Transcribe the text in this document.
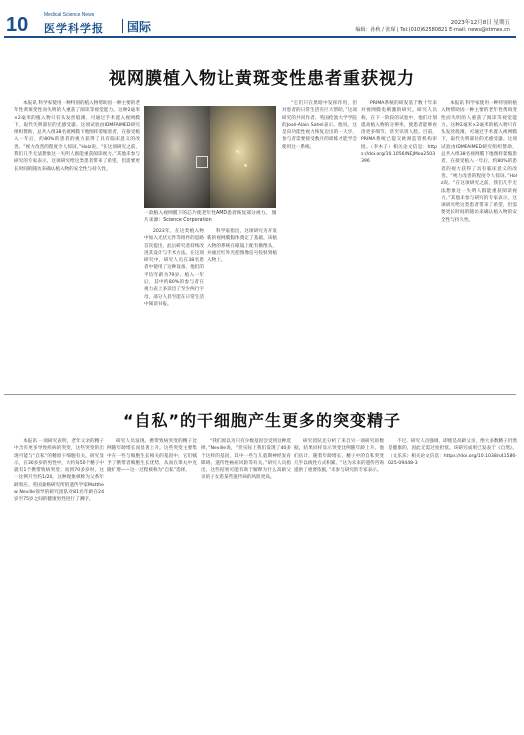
10	Medical Science News
医学科学报 国际	2023年12月8日 星期五
编辑：孙秋 / 张琛 | Tel:(010)62580821 E-mail: news@stimes.cn
视网膜植入物让黄斑变性患者重获视力

本报讯 科学家使用一种特别的植入物帮助因一种主要的老年性黄斑变性而失明的人重获了阅读等视觉能力。这种2毫米×2毫米的植入物只有头发丝般薄，可通过手术置入视网膜下，取代失明部位的光感受器。这项试验由IDMFAIMED研究组织赞助，总共入组38名视网膜下地图样萎缩患者，在接受植入一年后，约80%的患者的视力获得了具有临床意义的改善。“视力改善的程度令人惊讶。”Holz说。“在这项研究之前，我们几乎无法想象这一失明人群能重获阅读视力。”其他未参与研究的专家表示，这项研究给这类患者带来了希望，但需要更长时间的随访来确认植入物的安全性与持久性。

一款植入视网膜下的芯片使老年性AMD患者恢复部分视力。 图片来源：Science Corporation

2023年，在这类植入物中加入光伏元件等组件的思路首次提出，此后研究者持续改进其设计与手术方法。在这项研究中，研究人员在38名患者中使用了这种设备，他们的平均年龄为79岁。植入一年后，其中约80%的参与者在视力表上多读出了至少两行字母，部分人甚至能在日常生活中阅读书报。

科学家指出，这项研究为开发新的视网膜假体奠定了基础。该植入物的系统在眼镜上配有摄像头，并通过红外光把图像信号投射到植入物上。

“它们只在黑暗中发挥作用，但对患者的日常生活有巨大帮助，”这项研究的共同作者、英国伦敦大学学院的José-Alain Sahel表示。他说，这是向功能性视力恢复迈出的一大步，参与者需要接受数月的训练才能学会使用这一系统。

PRIMA系统的研发基于数十年来对视网膜电刺激的研究。研究人员称，在下一阶段的试验中，他们计划提高植入物的分辨率，使患者能够看清更多细节，甚至识别人脸。目前，PRIMA系统已提交欧洲监管机构审批。（李木子）相关论文信息：https://doi.org/10.1056/NEJMoa2503396

本报讯 科学家使用一种特别的植入物帮助因一种主要的老年性黄斑变性而失明的人重获了阅读等视觉能力。这种2毫米×2毫米的植入物只有头发丝般薄，可通过手术置入视网膜下，取代失明部位的光感受器。这项试验由IDMFAIMED研究组织赞助，总共入组38名视网膜下地图样萎缩患者，在接受植入一年后，约80%的患者的视力获得了具有临床意义的改善。“视力改善的程度令人惊讶。”Holz说。“在这项研究之前，我们几乎无法想象这一失明人群能重获阅读视力。”其他未参与研究的专家表示，这项研究给这类患者带来了希望，但需要更长时间的随访来确认植入物的安全性与持久性。

“自私”的干细胞产生更多的突变精子

本报讯 一项研究表明，老年父亲的精子中含有更多导致疾病的突变，这些突变的出现可能与“自私”的精原干细胞有关。研究显示，在30多岁的男性中，大约每50个精子中就有1个携带致病突变；而到70多岁时，这一比例升至约1/20。这种现象被称为父系年龄效应。英国桑格研究所的遗传学家Matthew Neville领导的研究团队对81名年龄在24岁至75岁之间的健康男性进行了测序。

研究人员发现，携带致病突变的精子比例随年龄增长而显著上升。这些突变主要集中在一些与细胞生长相关的基因中，它们赋予了携带者细胞生长优势，从而在睾丸中克隆扩增——这一过程被称为“自私”选择。

“我们原以为只有少数基因会受到这种选择，”Neville说，“但实际上我们发现了40多个这样的基因，其中一些与儿童期神经发育障碍、遗传性癌症风险等有关。”研究人员指出，这些结果可能有助于解释为什么高龄父亲的子女患某些遗传病的风险更高。

研究团队还分析了来自另一项研究的数据，结果同样显示突变比例随年龄上升。他们估计，随着年龄增长，精子中的自私突变几乎以线性方式积累。“这为未来的遗传咨询提供了重要依据，”未参与研究的专家表示。

不过，研究人员强调，即使是高龄父亲，绝大多数精子仍然是健康的，因此无需过度担忧。该研究成果已发表于《自然》。（文乐乐）相关论文信息：https://doi.org/10.1038/s41586-025-09448-3
